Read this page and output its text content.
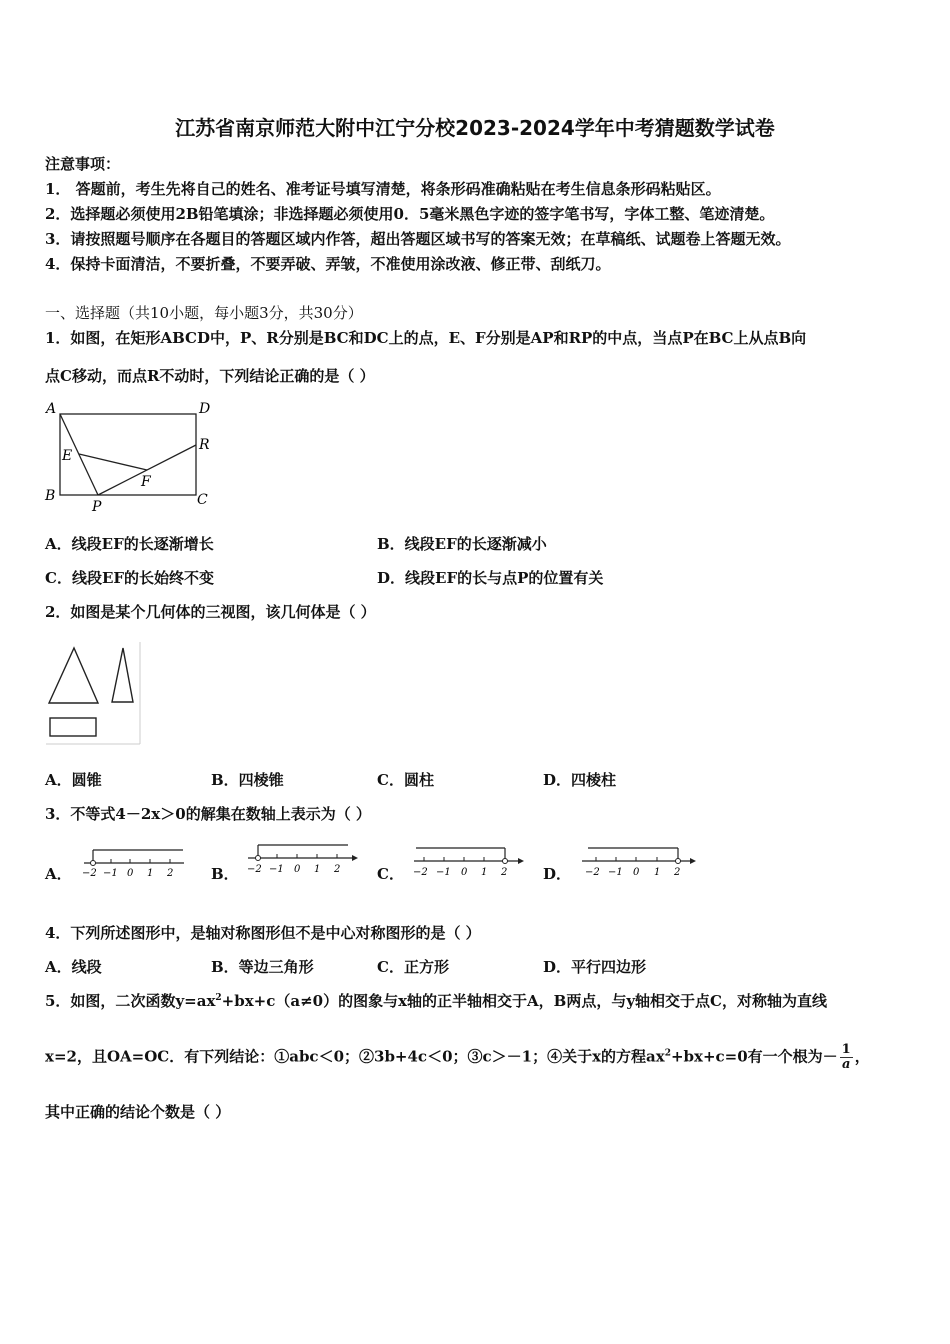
江苏省南京师范大附中江宁分校2023-2024学年中考猜题数学试卷
注意事项：
1． 答题前，考生先将自己的姓名、准考证号填写清楚，将条形码准确粘贴在考生信息条形码粘贴区。
2．选择题必须使用2B铅笔填涂；非选择题必须使用0．5毫米黑色字迹的签字笔书写，字体工整、笔迹清楚。
3．请按照题号顺序在各题目的答题区域内作答，超出答题区域书写的答案无效；在草稿纸、试题卷上答题无效。
4．保持卡面清洁，不要折叠，不要弄破、弄皱，不准使用涂改液、修正带、刮纸刀。
一、选择题（共10小题，每小题3分，共30分）
1．如图，在矩形ABCD中，P、R分别是BC和DC上的点，E、F分别是AP和RP的中点，当点P在BC上从点B向
点C移动，而点R不动时，下列结论正确的是（ ）
A	D
E
R
F
B
P	C
A．线段EF的长逐渐增长	B．线段EF的长逐渐减小
C．线段EF的长始终不变	D．线段EF的长与点P的位置有关
2．如图是某个几何体的三视图，该几何体是（ ）
A．圆锥	B．四棱锥	C．圆柱	D．四棱柱
3．不等式4－2x＞0的解集在数轴上表示为（ ）
A． −2 −1 0 1 2	B． −2 −1 0 1 2 C． −2 −1 0 1 2 D． −2 −1 0 1 2
4．下列所述图形中，是轴对称图形但不是中心对称图形的是（ ）
A．线段	B．等边三角形	C．正方形	D．平行四边形
5．如图，二次函数$y=ax^2+bx+c(a\ne 0)$的图象与x轴的正半轴相交于A，B两点，与y轴相交于点C，对称轴为直线
x=2，且OA=OC．有下列结论：①abc＜0；②3b+4c＜0；③c＞－1；④关于x的方程$ax^2+bx+c=0$有一个根为－ $\frac{1}{a}$ ，
其中正确的结论个数是（ ）
